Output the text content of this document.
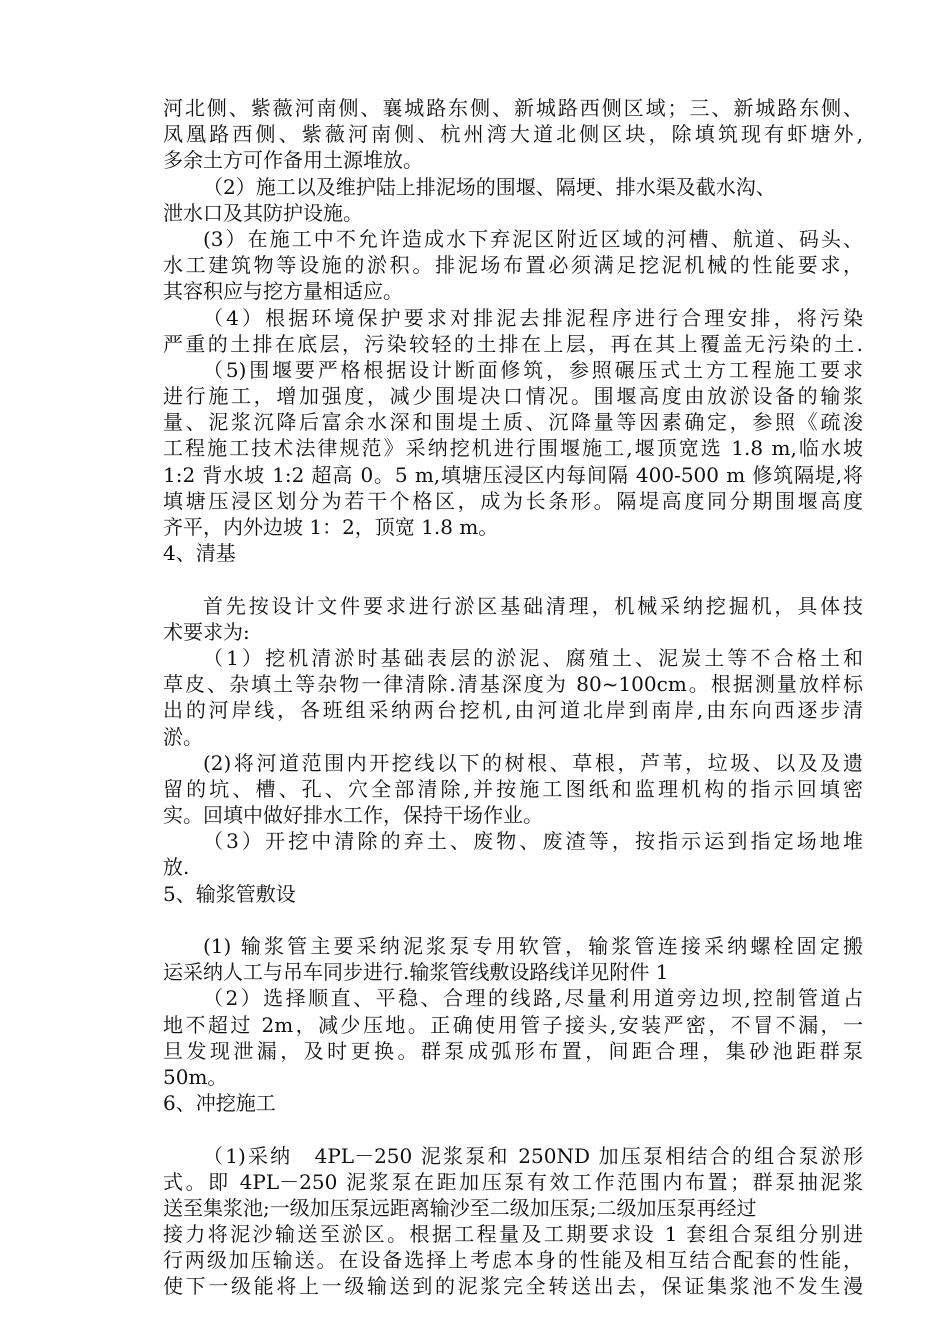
河北侧、紫薇河南侧、襄城路东侧、新城路西侧区域；三、新城路东侧、
凤凰路西侧、紫薇河南侧、杭州湾大道北侧区块，除填筑现有虾塘外,
多余土方可作备用土源堆放。
（2）施工以及维护陆上排泥场的围堰、隔埂、排水渠及截水沟、
泄水口及其防护设施。
(3）在施工中不允许造成水下弃泥区附近区域的河槽、航道、码头、
水工建筑物等设施的淤积。排泥场布置必须满足挖泥机械的性能要求，
其容积应与挖方量相适应。
（4）根据环境保护要求对排泥去排泥程序进行合理安排，将污染
严重的土排在底层，污染较轻的土排在上层，再在其上覆盖无污染的土.
（5)围堰要严格根据设计断面修筑，参照碾压式土方工程施工要求
进行施工，增加强度，减少围堤决口情况。围堰高度由放淤设备的输浆
量、泥浆沉降后富余水深和围堤土质、沉降量等因素确定，参照《疏浚
工程施工技术法律规范》采纳挖机进行围堰施工,堰顶宽选 1.8 m,临水坡
1:2 背水坡 1:2 超高 0。5 m,填塘压浸区内每间隔 400-500 m 修筑隔堤,将
填塘压浸区划分为若干个格区，成为长条形。隔堤高度同分期围堰高度
齐平，内外边坡 1：2，顶宽 1.8 m。
4、清基
首先按设计文件要求进行淤区基础清理，机械采纳挖掘机，具体技
术要求为:
（1）挖机清淤时基础表层的淤泥、腐殖土、泥炭土等不合格土和
草皮、杂填土等杂物一律清除.清基深度为 80~100cm。根据测量放样标
出的河岸线，各班组采纳两台挖机,由河道北岸到南岸,由东向西逐步清
淤。
(2)将河道范围内开挖线以下的树根、草根，芦苇，垃圾、以及及遗
留的坑、槽、孔、穴全部清除,并按施工图纸和监理机构的指示回填密
实。回填中做好排水工作，保持干场作业。
（3）开挖中清除的弃土、废物、废渣等，按指示运到指定场地堆
放.
5、输浆管敷设
(1) 输浆管主要采纳泥浆泵专用软管，输浆管连接采纳螺栓固定搬
运采纳人工与吊车同步进行.输浆管线敷设路线详见附件 1
（2）选择顺直、平稳、合理的线路,尽量利用道旁边坝,控制管道占
地不超过 2m，减少压地。正确使用管子接头,安装严密，不冒不漏，一
旦发现泄漏，及时更换。群泵成弧形布置，间距合理，集砂池距群泵
50m。
6、冲挖施工
（1)采纳　4PL－250 泥浆泵和 250ND 加压泵相结合的组合泵淤形
式。即 4PL－250 泥浆泵在距加压泵有效工作范围内布置；群泵抽泥浆
送至集浆池;一级加压泵远距离输沙至二级加压泵;二级加压泵再经过
接力将泥沙输送至淤区。根据工程量及工期要求设 1 套组合泵组分别进
行两级加压输送。在设备选择上考虑本身的性能及相互结合配套的性能，
使下一级能将上一级输送到的泥浆完全转送出去，保证集浆池不发生漫
